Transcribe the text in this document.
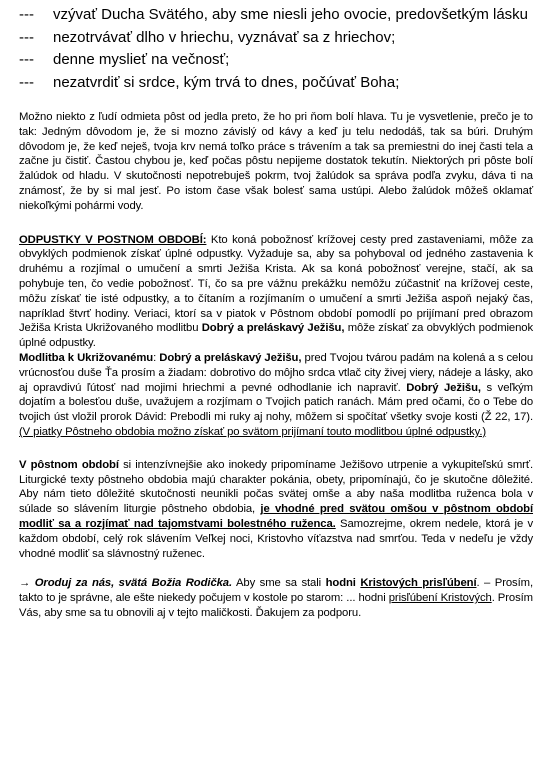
--- vzývať Ducha Svätého, aby sme niesli jeho ovocie, predovšetkým lásku
--- nezotrvávať dlho v hriechu, vyznávať sa z hriechov;
--- denne myslieť na večnosť;
--- nezatvrdiť si srdce, kým trvá to dnes, počúvať Boha;

Možno niekto z ľudí odmieta pôst od jedla preto, že ho pri ňom bolí hlava. Tu je vysvetlenie, prečo je to tak: Jedným dôvodom je, že si mozno závislý od kávy a keď ju telu nedodáš, tak sa búri. Druhým dôvodom je, že keď neješ, tvoja krv nemá toľko práce s trávením a tak sa premiestni do inej časti tela a začne ju čistiť. Častou chybou je, keď počas pôstu nepijeme dostatok tekutín. Niektorých pri pôste bolí žalúdok od hladu. V skutočnosti nepotrebuješ pokrm, tvoj žalúdok sa správa podľa zvyku, dáva ti na známosť, že by si mal jesť. Po istom čase však bolesť sama ustúpi. Alebo žalúdok môžeš oklamať niekoľkými pohármi vody.

ODPUSTKY V POSTNOM OBDOBÍ: Kto koná pobožnosť krížovej cesty pred zastaveniami, môže za obvyklých podmienok získať úplné odpustky. Vyžaduje sa, aby sa pohyboval od jedného zastavenia k druhému a rozjímal o umučení a smrti Ježiša Krista. Ak sa koná pobožnosť verejne, stačí, ak sa pohybuje ten, čo vedie pobožnosť. Tí, čo sa pre vážnu prekážku nemôžu zúčastniť na krížovej ceste, môžu získať tie isté odpustky, a to čítaním a rozjímaním o umučení a smrti Ježiša aspoň nejaký čas, napríklad štvrť hodiny. Veriaci, ktorí sa v piatok v Pôstnom období pomodlí po prijímaní pred obrazom Ježiša Krista Ukrižovaného modlitbu Dobrý a preláskavý Ježišu, môže získať za obvyklých podmienok úplné odpustky.

Modlitba k Ukrižovanému: Dobrý a preláskavý Ježišu, pred Tvojou tvárou padám na kolená a s celou vrúcnosťou duše Ťa prosím a žiadam: dobrotivo do môjho srdca vtlač city živej viery, nádeje a lásky, ako aj opravdivú ľútosť nad mojimi hriechmi a pevné odhodlanie ich napraviť. Dobrý Ježišu, s veľkým dojatím a bolesťou duše, uvažujem a rozjímam o Tvojich patich ranách. Mám pred očami, čo o Tebe do tvojich úst vložil prorok Dávid: Prebodli mi ruky aj nohy, môžem si spočítať všetky svoje kosti (Ž 22, 17). (V piatky Pôstneho obdobia možno získať po svätom prijímaní touto modlitbou úplné odpustky.)

V pôstnom období si intenzívnejšie ako inokedy pripomíname Ježišovo utrpenie a vykupiteľskú smrť. Liturgické texty pôstneho obdobia majú charakter pokánia, obety, pripomínajú, čo je skutočne dôležité. Aby nám tieto dôležité skutočnosti neunikli počas svätej omše a aby naša modlitba ruženca bola v súlade so slávením liturgie pôstneho obdobia, je vhodné pred svätou omšou v pôstnom období modliť sa a rozjímať nad tajomstvami bolestného ruženca. Samozrejme, okrem nedele, ktorá je v každom období, celý rok slávením Veľkej noci, Kristovho víťazstva nad smrťou. Teda v nedeľu je vždy vhodné modliť sa slávnostný ruženec.

→ Oroduj za nás, svätá Božia Rodička. Aby sme sa stali hodni Kristových prisľúbení. – Prosím, takto to je správne, ale ešte niekedy počujem v kostole po starom: ... hodni prisľúbení Kristových. Prosím Vás, aby sme sa tu obnovili aj v tejto maličkosti. Ďakujem za podporu.
